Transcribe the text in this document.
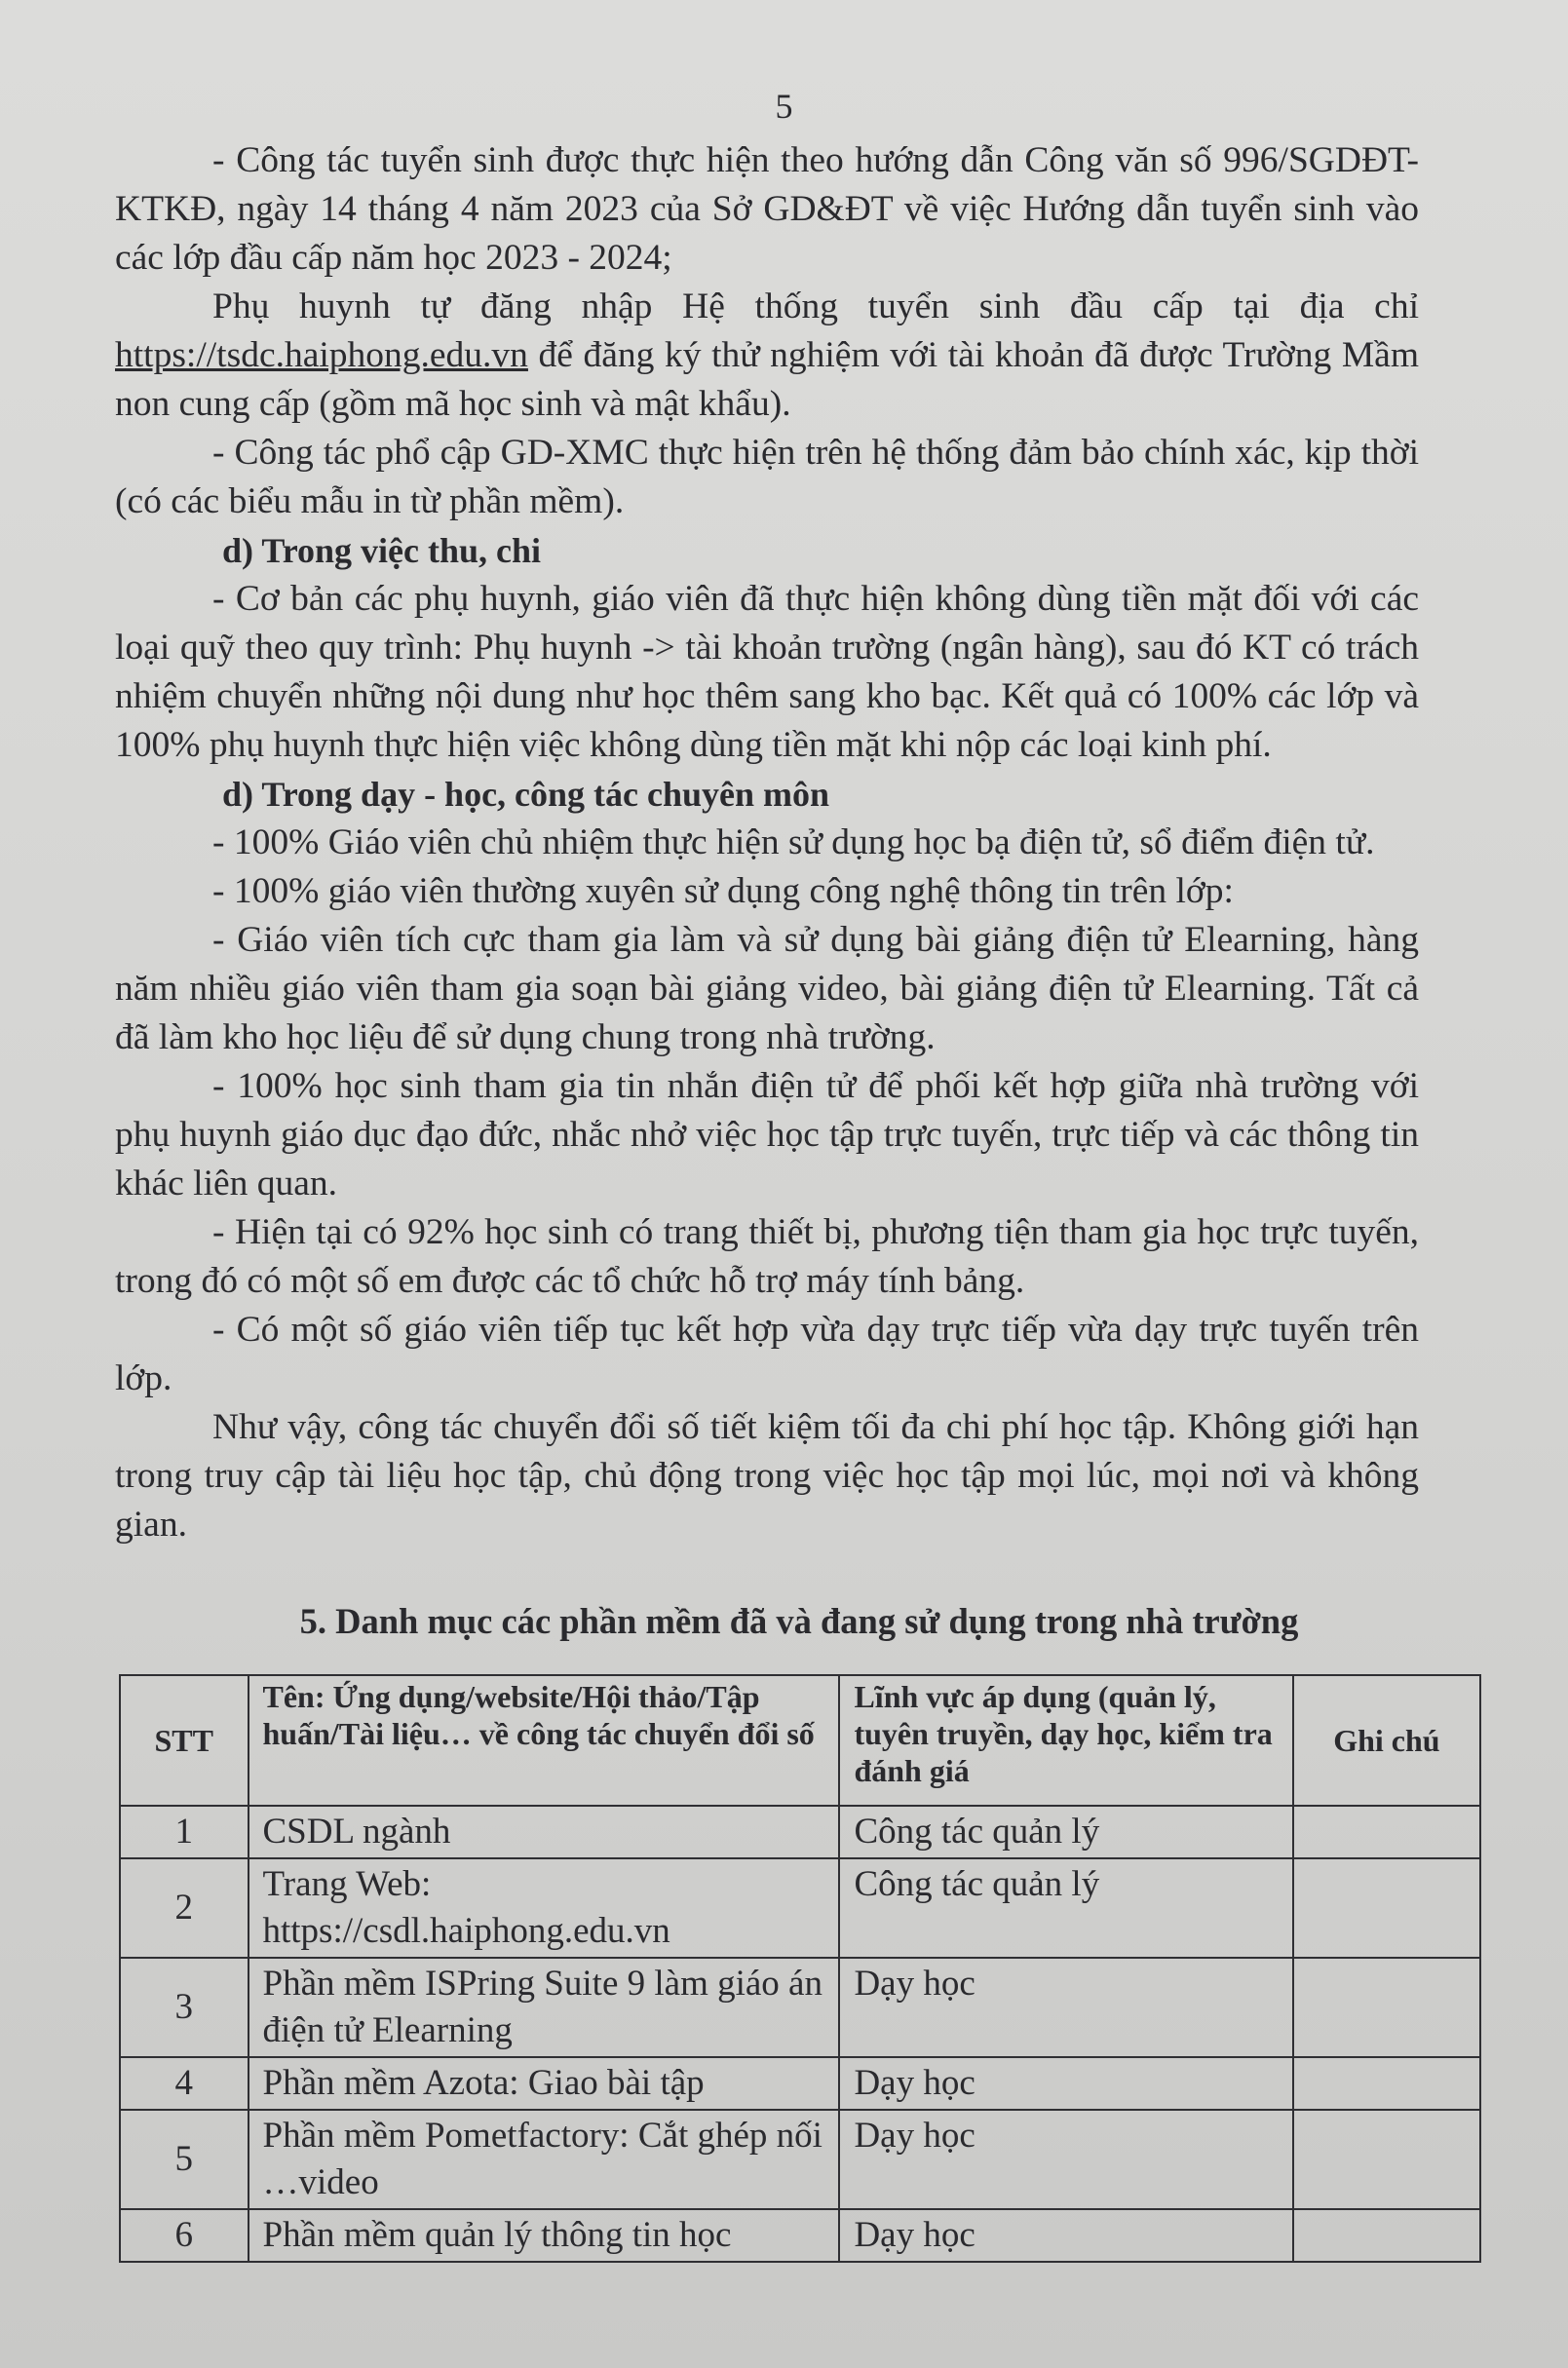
5

- Công tác tuyển sinh được thực hiện theo hướng dẫn Công văn số 996/SGDĐT-KTKĐ, ngày 14 tháng 4 năm 2023 của Sở GD&ĐT về việc Hướng dẫn tuyển sinh vào các lớp đầu cấp năm học 2023 - 2024;

Phụ huynh tự đăng nhập Hệ thống tuyển sinh đầu cấp tại địa chỉ https://tsdc.haiphong.edu.vn để đăng ký thử nghiệm với tài khoản đã được Trường Mầm non cung cấp (gồm mã học sinh và mật khẩu).

- Công tác phổ cập GD-XMC thực hiện trên hệ thống đảm bảo chính xác, kịp thời (có các biểu mẫu in từ phần mềm).

d) Trong việc thu, chi

- Cơ bản các phụ huynh, giáo viên đã thực hiện không dùng tiền mặt đối với các loại quỹ theo quy trình: Phụ huynh -> tài khoản trường (ngân hàng), sau đó KT có trách nhiệm chuyển những nội dung như học thêm sang kho bạc. Kết quả có 100% các lớp và 100% phụ huynh thực hiện việc không dùng tiền mặt khi nộp các loại kinh phí.

d) Trong dạy - học, công tác chuyên môn

- 100% Giáo viên chủ nhiệm thực hiện sử dụng học bạ điện tử, sổ điểm điện tử.

- 100% giáo viên thường xuyên sử dụng công nghệ thông tin trên lớp:

- Giáo viên tích cực tham gia làm và sử dụng bài giảng điện tử Elearning, hàng năm nhiều giáo viên tham gia soạn bài giảng video, bài giảng điện tử Elearning. Tất cả đã làm kho học liệu để sử dụng chung trong nhà trường.

- 100% học sinh tham gia tin nhắn điện tử để phối kết hợp giữa nhà trường với phụ huynh giáo dục đạo đức, nhắc nhở việc học tập trực tuyến, trực tiếp và các thông tin khác liên quan.

- Hiện tại có 92% học sinh có trang thiết bị, phương tiện tham gia học trực tuyến, trong đó có một số em được các tổ chức hỗ trợ máy tính bảng.

- Có một số giáo viên tiếp tục kết hợp vừa dạy trực tiếp vừa dạy trực tuyến trên lớp.

Như vậy, công tác chuyển đổi số tiết kiệm tối đa chi phí học tập. Không giới hạn trong truy cập tài liệu học tập, chủ động trong việc học tập mọi lúc, mọi nơi và không gian.

5. Danh mục các phần mềm đã và đang sử dụng trong nhà trường
STT	Tên: Ứng dụng/website/Hội thảo/Tập huấn/Tài liệu… về công tác chuyển đổi số	Lĩnh vực áp dụng (quản lý, tuyên truyền, dạy học, kiểm tra đánh giá	Ghi chú
1	CSDL ngành	Công tác quản lý	
2	Trang Web: https://csdl.haiphong.edu.vn	Công tác quản lý	
3	Phần mềm ISPring Suite 9 làm giáo án điện tử Elearning	Dạy học	
4	Phần mềm Azota: Giao bài tập	Dạy học	
5	Phần mềm Pometfactory: Cắt ghép nối …video	Dạy học	
6	Phần mềm quản lý thông tin học	Dạy học	
